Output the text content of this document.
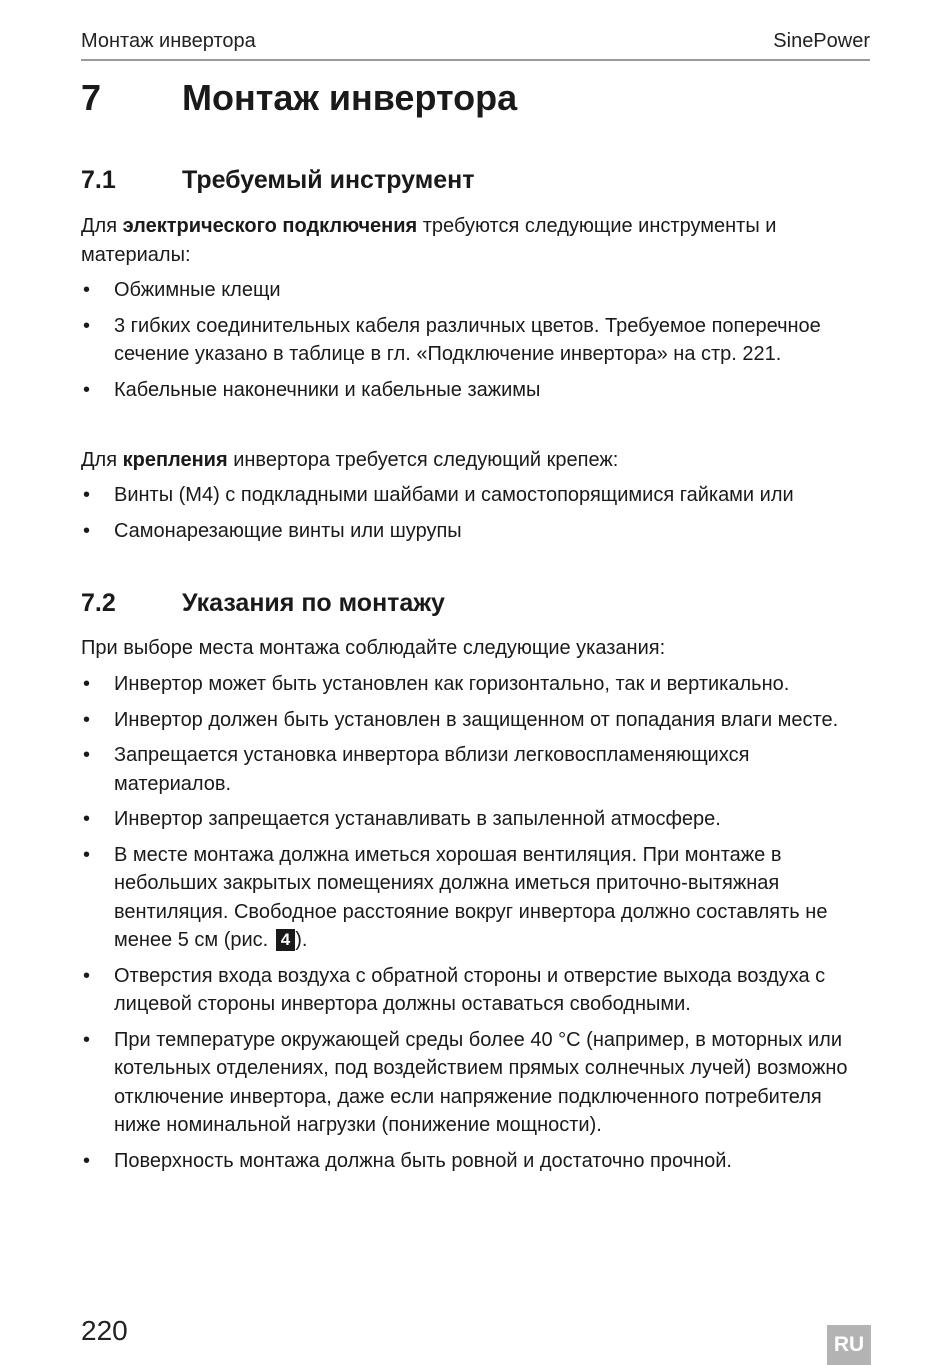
Монтаж инвертора	SinePower
7 Монтаж инвертора
7.1	Требуемый инструмент
Для электрического подключения требуются следующие инструменты и материалы:
• Обжимные клещи
• 3 гибких соединительных кабеля различных цветов. Требуемое поперечное сечение указано в таблице в гл. «Подключение инвертора» на стр. 221.
• Кабельные наконечники и кабельные зажимы
Для крепления инвертора требуется следующий крепеж:
• Винты (M4) с подкладными шайбами и самостопорящимися гайками или
• Самонарезающие винты или шурупы
7.2	Указания по монтажу
При выборе места монтажа соблюдайте следующие указания:
• Инвертор может быть установлен как горизонтально, так и вертикально.
• Инвертор должен быть установлен в защищенном от попадания влаги месте.
• Запрещается установка инвертора вблизи легковоспламеняющихся материалов.
• Инвертор запрещается устанавливать в запыленной атмосфере.
• В месте монтажа должна иметься хорошая вентиляция. При монтаже в небольших закрытых помещениях должна иметься приточно-вытяжная вентиляция. Свободное расстояние вокруг инвертора должно составлять не менее 5 см (рис. 4 ).
• Отверстия входа воздуха с обратной стороны и отверстие выхода воздуха с лицевой стороны инвертора должны оставаться свободными.
• При температуре окружающей среды более 40 °C (например, в моторных или котельных отделениях, под воздействием прямых солнечных лучей) возможно отключение инвертора, даже если напряжение подключенного потребителя ниже номинальной нагрузки (понижение мощности).
• Поверхность монтажа должна быть ровной и достаточно прочной.
220	RU
